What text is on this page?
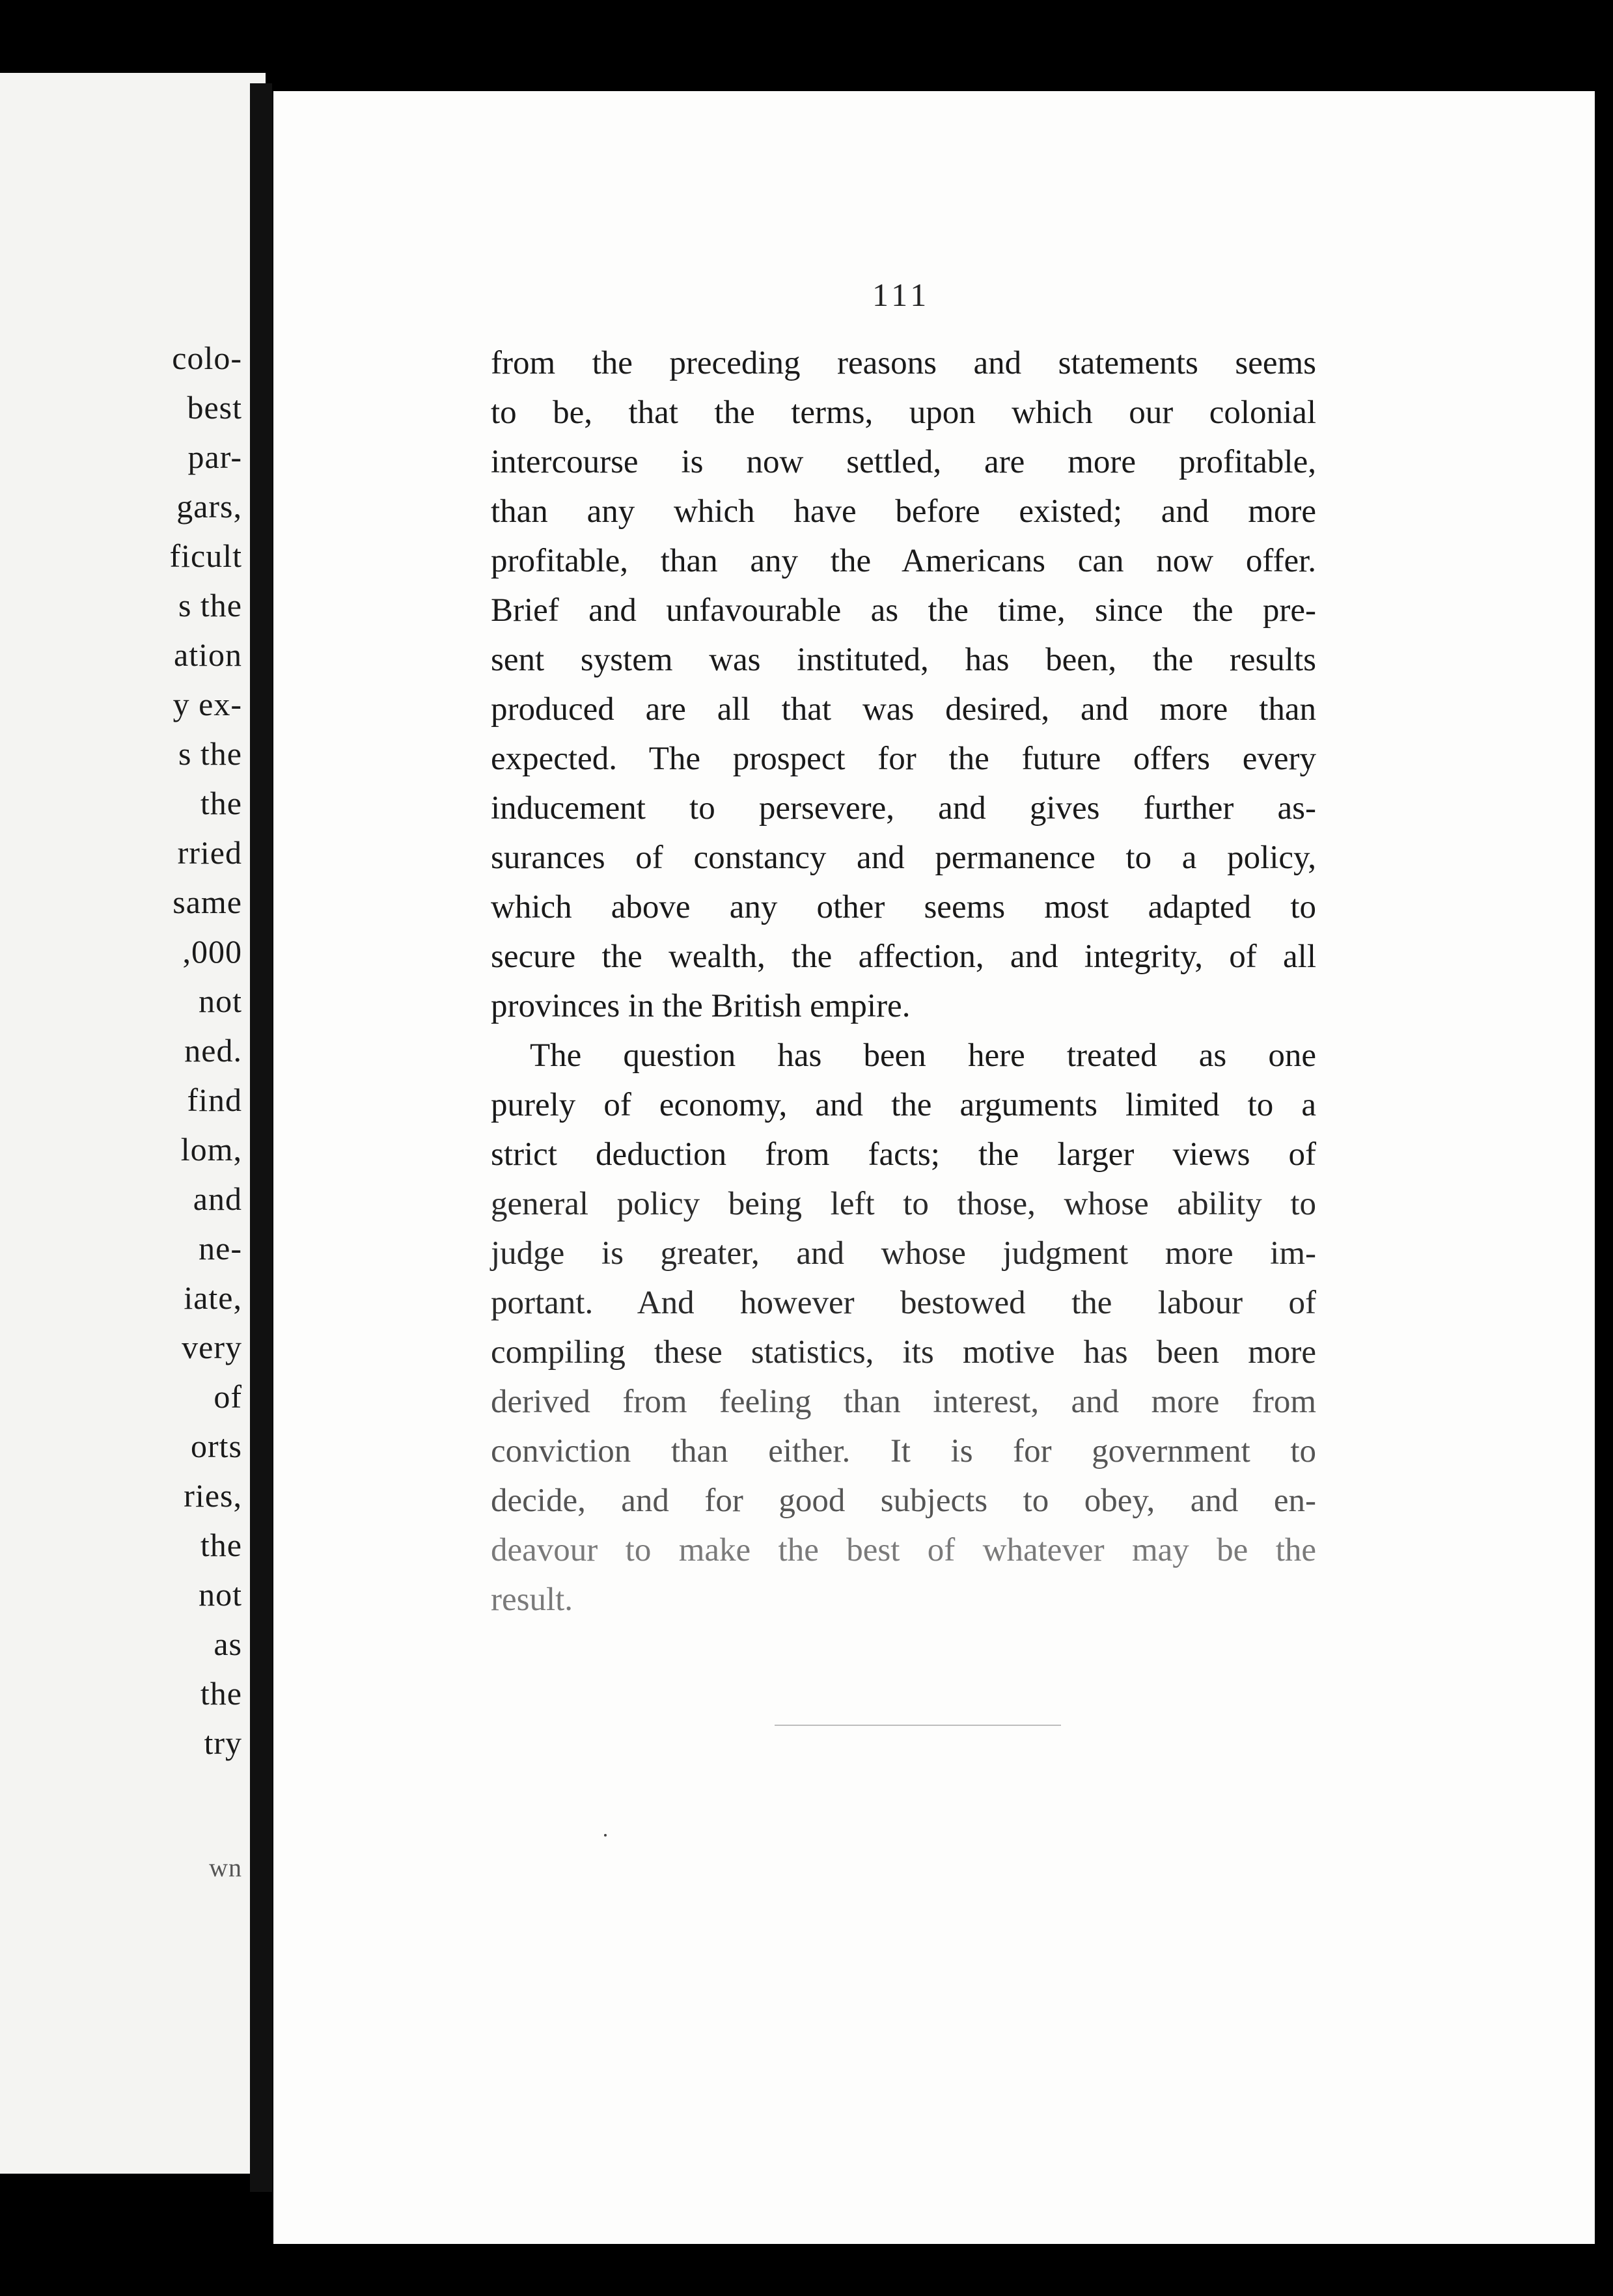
colo-
best
par-
gars,
ficult
s the
ation
y ex-
s the
the
rried
same
,000
not
ned.
find
lom,
and
ne-
iate,
very
of
orts
ries,
the
not
as
the
try
wn
111
from the preceding reasons and statements seems
to be, that the terms, upon which our colonial
intercourse is now settled, are more profitable,
than any which have before existed; and more
profitable, than any the Americans can now offer.
Brief and unfavourable as the time, since the pre-
sent system was instituted, has been, the results
produced are all that was desired, and more than
expected. The prospect for the future offers every
inducement to persevere, and gives further as-
surances of constancy and permanence to a policy,
which above any other seems most adapted to
secure the wealth, the affection, and integrity, of all
provinces in the British empire.
The question has been here treated as one
purely of economy, and the arguments limited to a
strict deduction from facts; the larger views of
general policy being left to those, whose ability to
judge is greater, and whose judgment more im-
portant. And however bestowed the labour of
compiling these statistics, its motive has been more
derived from feeling than interest, and more from
conviction than either. It is for government to
decide, and for good subjects to obey, and en-
deavour to make the best of whatever may be the
result.
